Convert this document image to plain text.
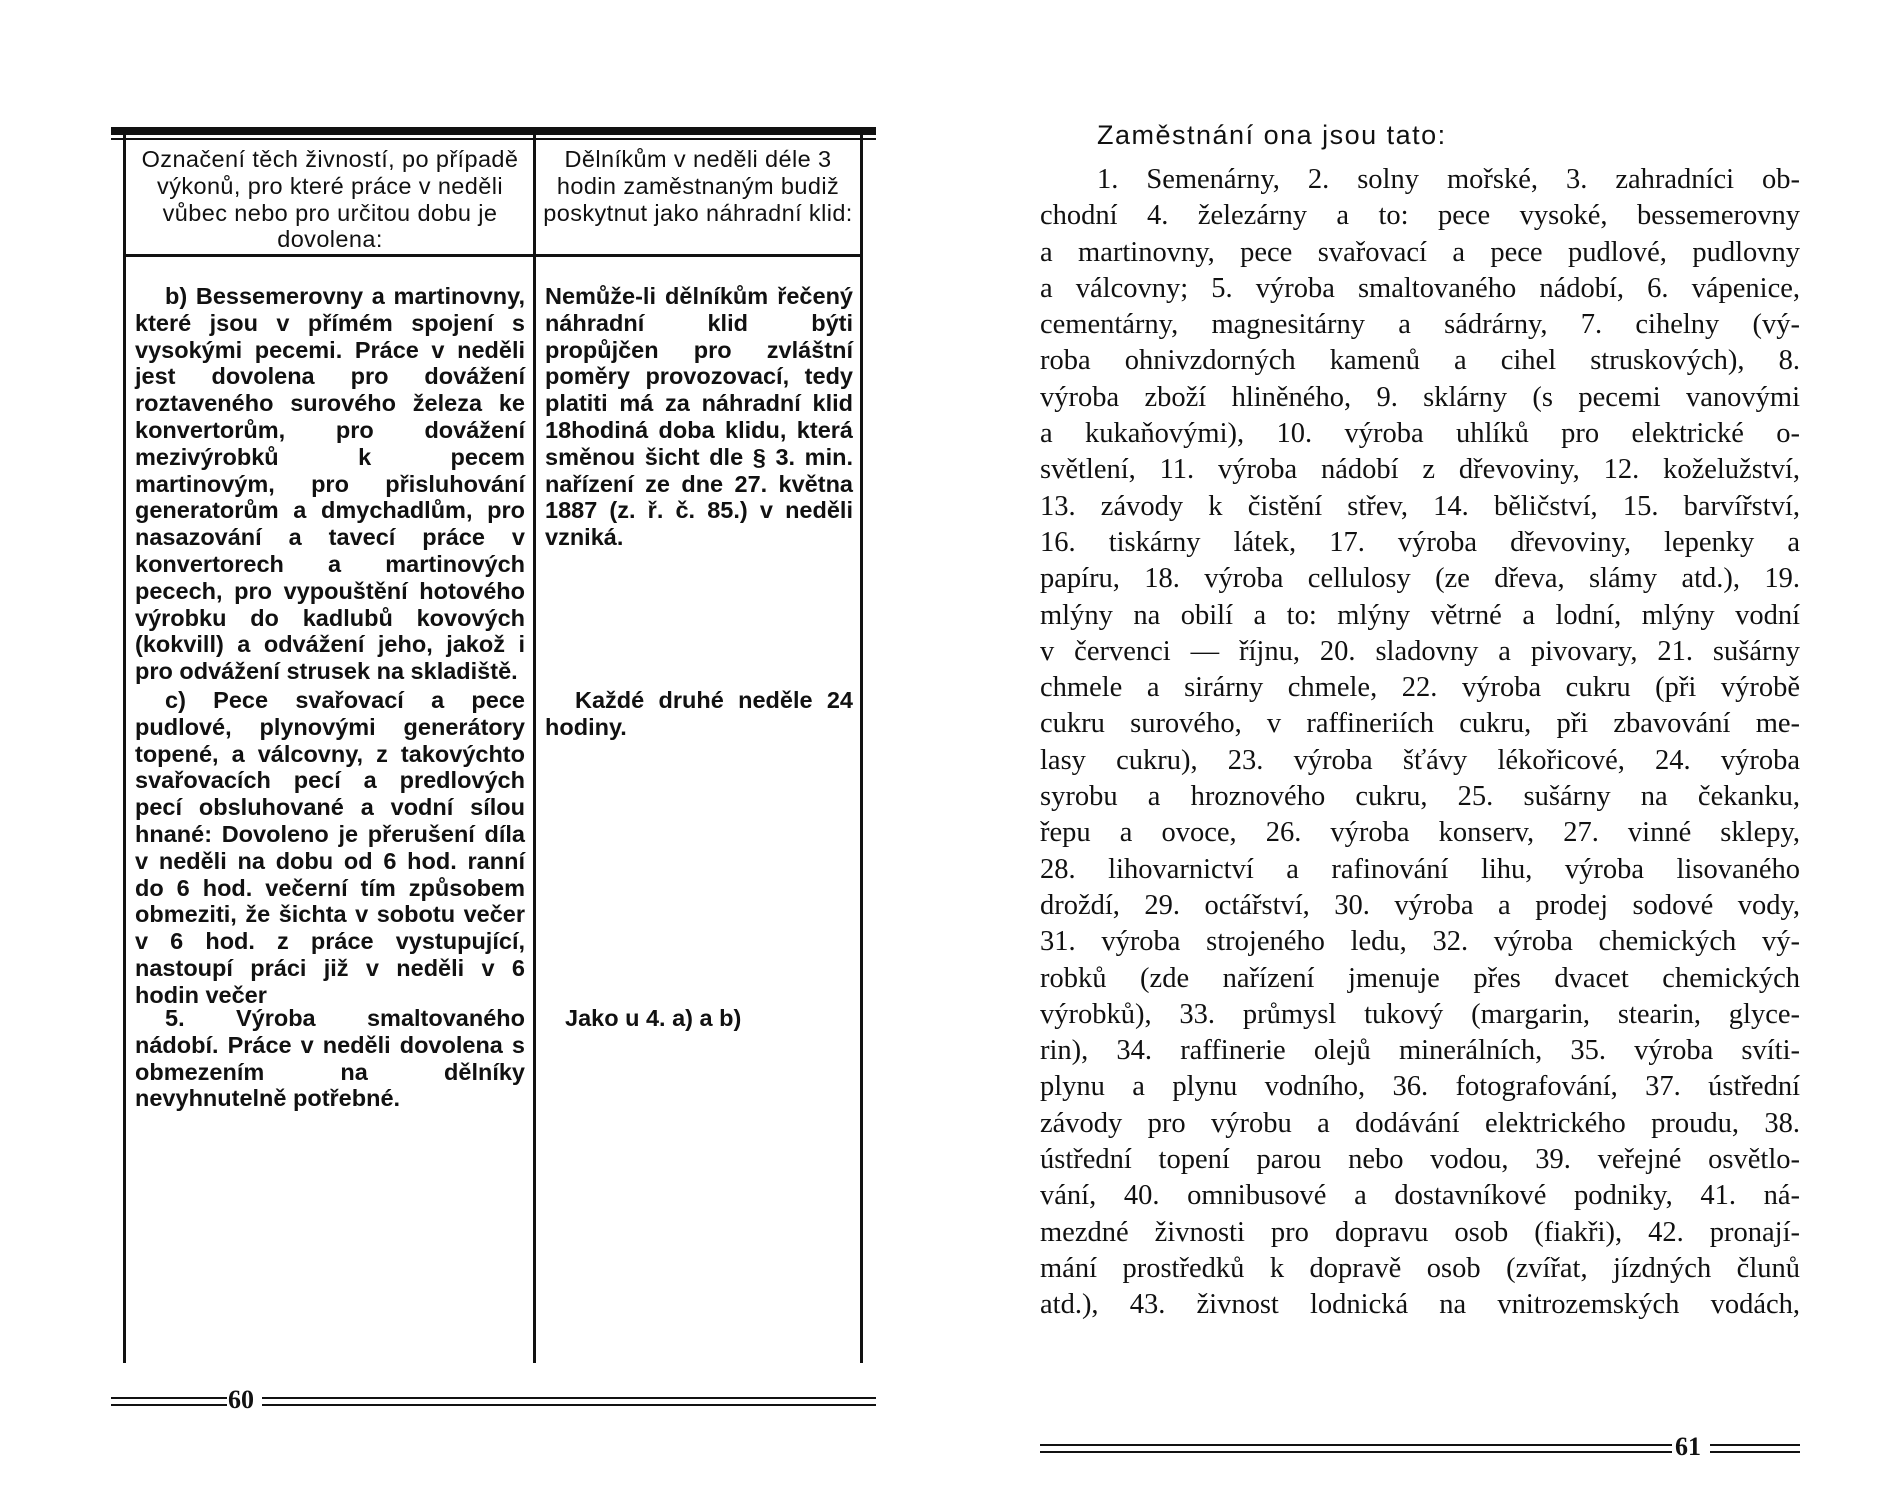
Označení těch živností, po případě výkonů, pro které práce v neděli vůbec nebo pro určitou dobu je dovolena:
Dělníkům v neděli déle 3 hodin zaměstnaným budiž poskytnut jako náhradní klid:

b) Bessemerovny a martinovny, které jsou v přímém spojení s vysokými pecemi. Práce v neděli jest dovolena pro dovážení roztaveného surového železa ke konvertorům, pro dovážení mezivýrobků k pecem martinovým, pro přisluhování generatorům a dmychadlům, pro nasazování a tavecí práce v konvertorech a martinových pecech, pro vypouštění hotového výrobku do kadlubů kovových (kokvill) a odvážení jeho, jakož i pro odvážení strusek na skladiště.

Nemůže-li dělníkům řečený náhradní klid býti propůjčen pro zvláštní poměry provozovací, tedy platiti má za náhradní klid 18hodiná doba klidu, která směnou šicht dle § 3. min. nařízení ze dne 27. května 1887 (z. ř. č. 85.) v neděli vzniká.

c) Pece svařovací a pece pudlové, plynovými generátory topené, a válcovny, z takovýchto svařovacích pecí a predlových pecí obsluhované a vodní sílou hnané: Dovoleno je přerušení díla v neděli na dobu od 6 hod. ranní do 6 hod. večerní tím způsobem obmeziti, že šichta v sobotu večer v 6 hod. z práce vystupující, nastoupí práci již v neděli v 6 hodin večer

Každé druhé neděle 24 hodiny.

5. Výroba smaltovaného nádobí. Práce v neděli dovolena s obmezením na dělníky nevyhnutelně potřebné.

Jako u 4. a) a b)

60
Zaměstnání ona jsou tato:
1. Semenárny, 2. solny mořské, 3. zahradníci ob-
chodní 4. železárny a to: pece vysoké, bessemerovny
a martinovny, pece svařovací a pece pudlové, pudlovny
a válcovny; 5. výroba smaltovaného nádobí, 6. vápenice,
cementárny, magnesitárny a sádrárny, 7. cihelny (vý-
roba ohnivzdorných kamenů a cihel struskových), 8.
výroba zboží hliněného, 9. sklárny (s pecemi vanovými
a kukaňovými), 10. výroba uhlíků pro elektrické o-
světlení, 11. výroba nádobí z dřevoviny, 12. koželužství,
13. závody k čistění střev, 14. běličství, 15. barvířství,
16. tiskárny látek, 17. výroba dřevoviny, lepenky a
papíru, 18. výroba cellulosy (ze dřeva, slámy atd.), 19.
mlýny na obilí a to: mlýny větrné a lodní, mlýny vodní
v červenci — říjnu, 20. sladovny a pivovary, 21. sušárny
chmele a sirárny chmele, 22. výroba cukru (při výrobě
cukru surového, v raffineriích cukru, při zbavování me-
lasy cukru), 23. výroba šťávy lékořicové, 24. výroba
syrobu a hroznového cukru, 25. sušárny na čekanku,
řepu a ovoce, 26. výroba konserv, 27. vinné sklepy,
28. lihovarnictví a rafinování lihu, výroba lisovaného
droždí, 29. octářství, 30. výroba a prodej sodové vody,
31. výroba strojeného ledu, 32. výroba chemických vý-
robků (zde nařízení jmenuje přes dvacet chemických
výrobků), 33. průmysl tukový (margarin, stearin, glyce-
rin), 34. raffinerie olejů minerálních, 35. výroba svíti-
plynu a plynu vodního, 36. fotografování, 37. ústřední
závody pro výrobu a dodávání elektrického proudu, 38.
ústřední topení parou nebo vodou, 39. veřejné osvětlo-
vání, 40. omnibusové a dostavníkové podniky, 41. ná-
mezdné živnosti pro dopravu osob (fiakři), 42. pronají-
mání prostředků k dopravě osob (zvířat, jízdných člunů
atd.), 43. živnost lodnická na vnitrozemských vodách,
61
